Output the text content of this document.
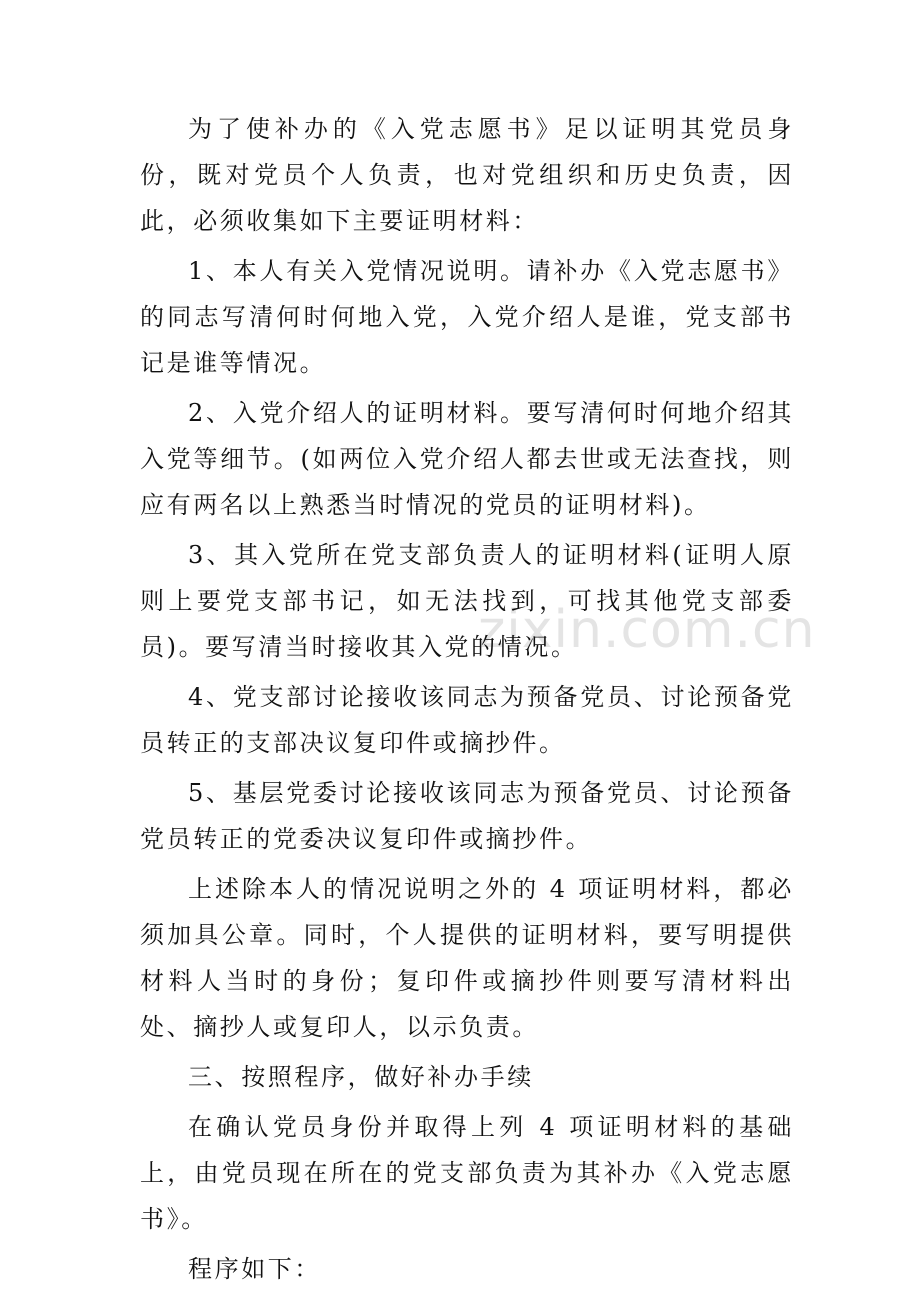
zixin.com.cn

为了使补办的《入党志愿书》足以证明其党员身份，既对党员个人负责，也对党组织和历史负责，因此，必须收集如下主要证明材料：

1、本人有关入党情况说明。请补办《入党志愿书》的同志写清何时何地入党，入党介绍人是谁，党支部书记是谁等情况。

2、入党介绍人的证明材料。要写清何时何地介绍其入党等细节。(如两位入党介绍人都去世或无法查找，则应有两名以上熟悉当时情况的党员的证明材料)。

3、其入党所在党支部负责人的证明材料(证明人原则上要党支部书记，如无法找到，可找其他党支部委员)。要写清当时接收其入党的情况。

4、党支部讨论接收该同志为预备党员、讨论预备党员转正的支部决议复印件或摘抄件。

5、基层党委讨论接收该同志为预备党员、讨论预备党员转正的党委决议复印件或摘抄件。

上述除本人的情况说明之外的 4 项证明材料，都必须加具公章。同时，个人提供的证明材料，要写明提供材料人当时的身份；复印件或摘抄件则要写清材料出处、摘抄人或复印人，以示负责。

三、按照程序，做好补办手续

在确认党员身份并取得上列 4 项证明材料的基础上，由党员现在所在的党支部负责为其补办《入党志愿书》。

程序如下：
